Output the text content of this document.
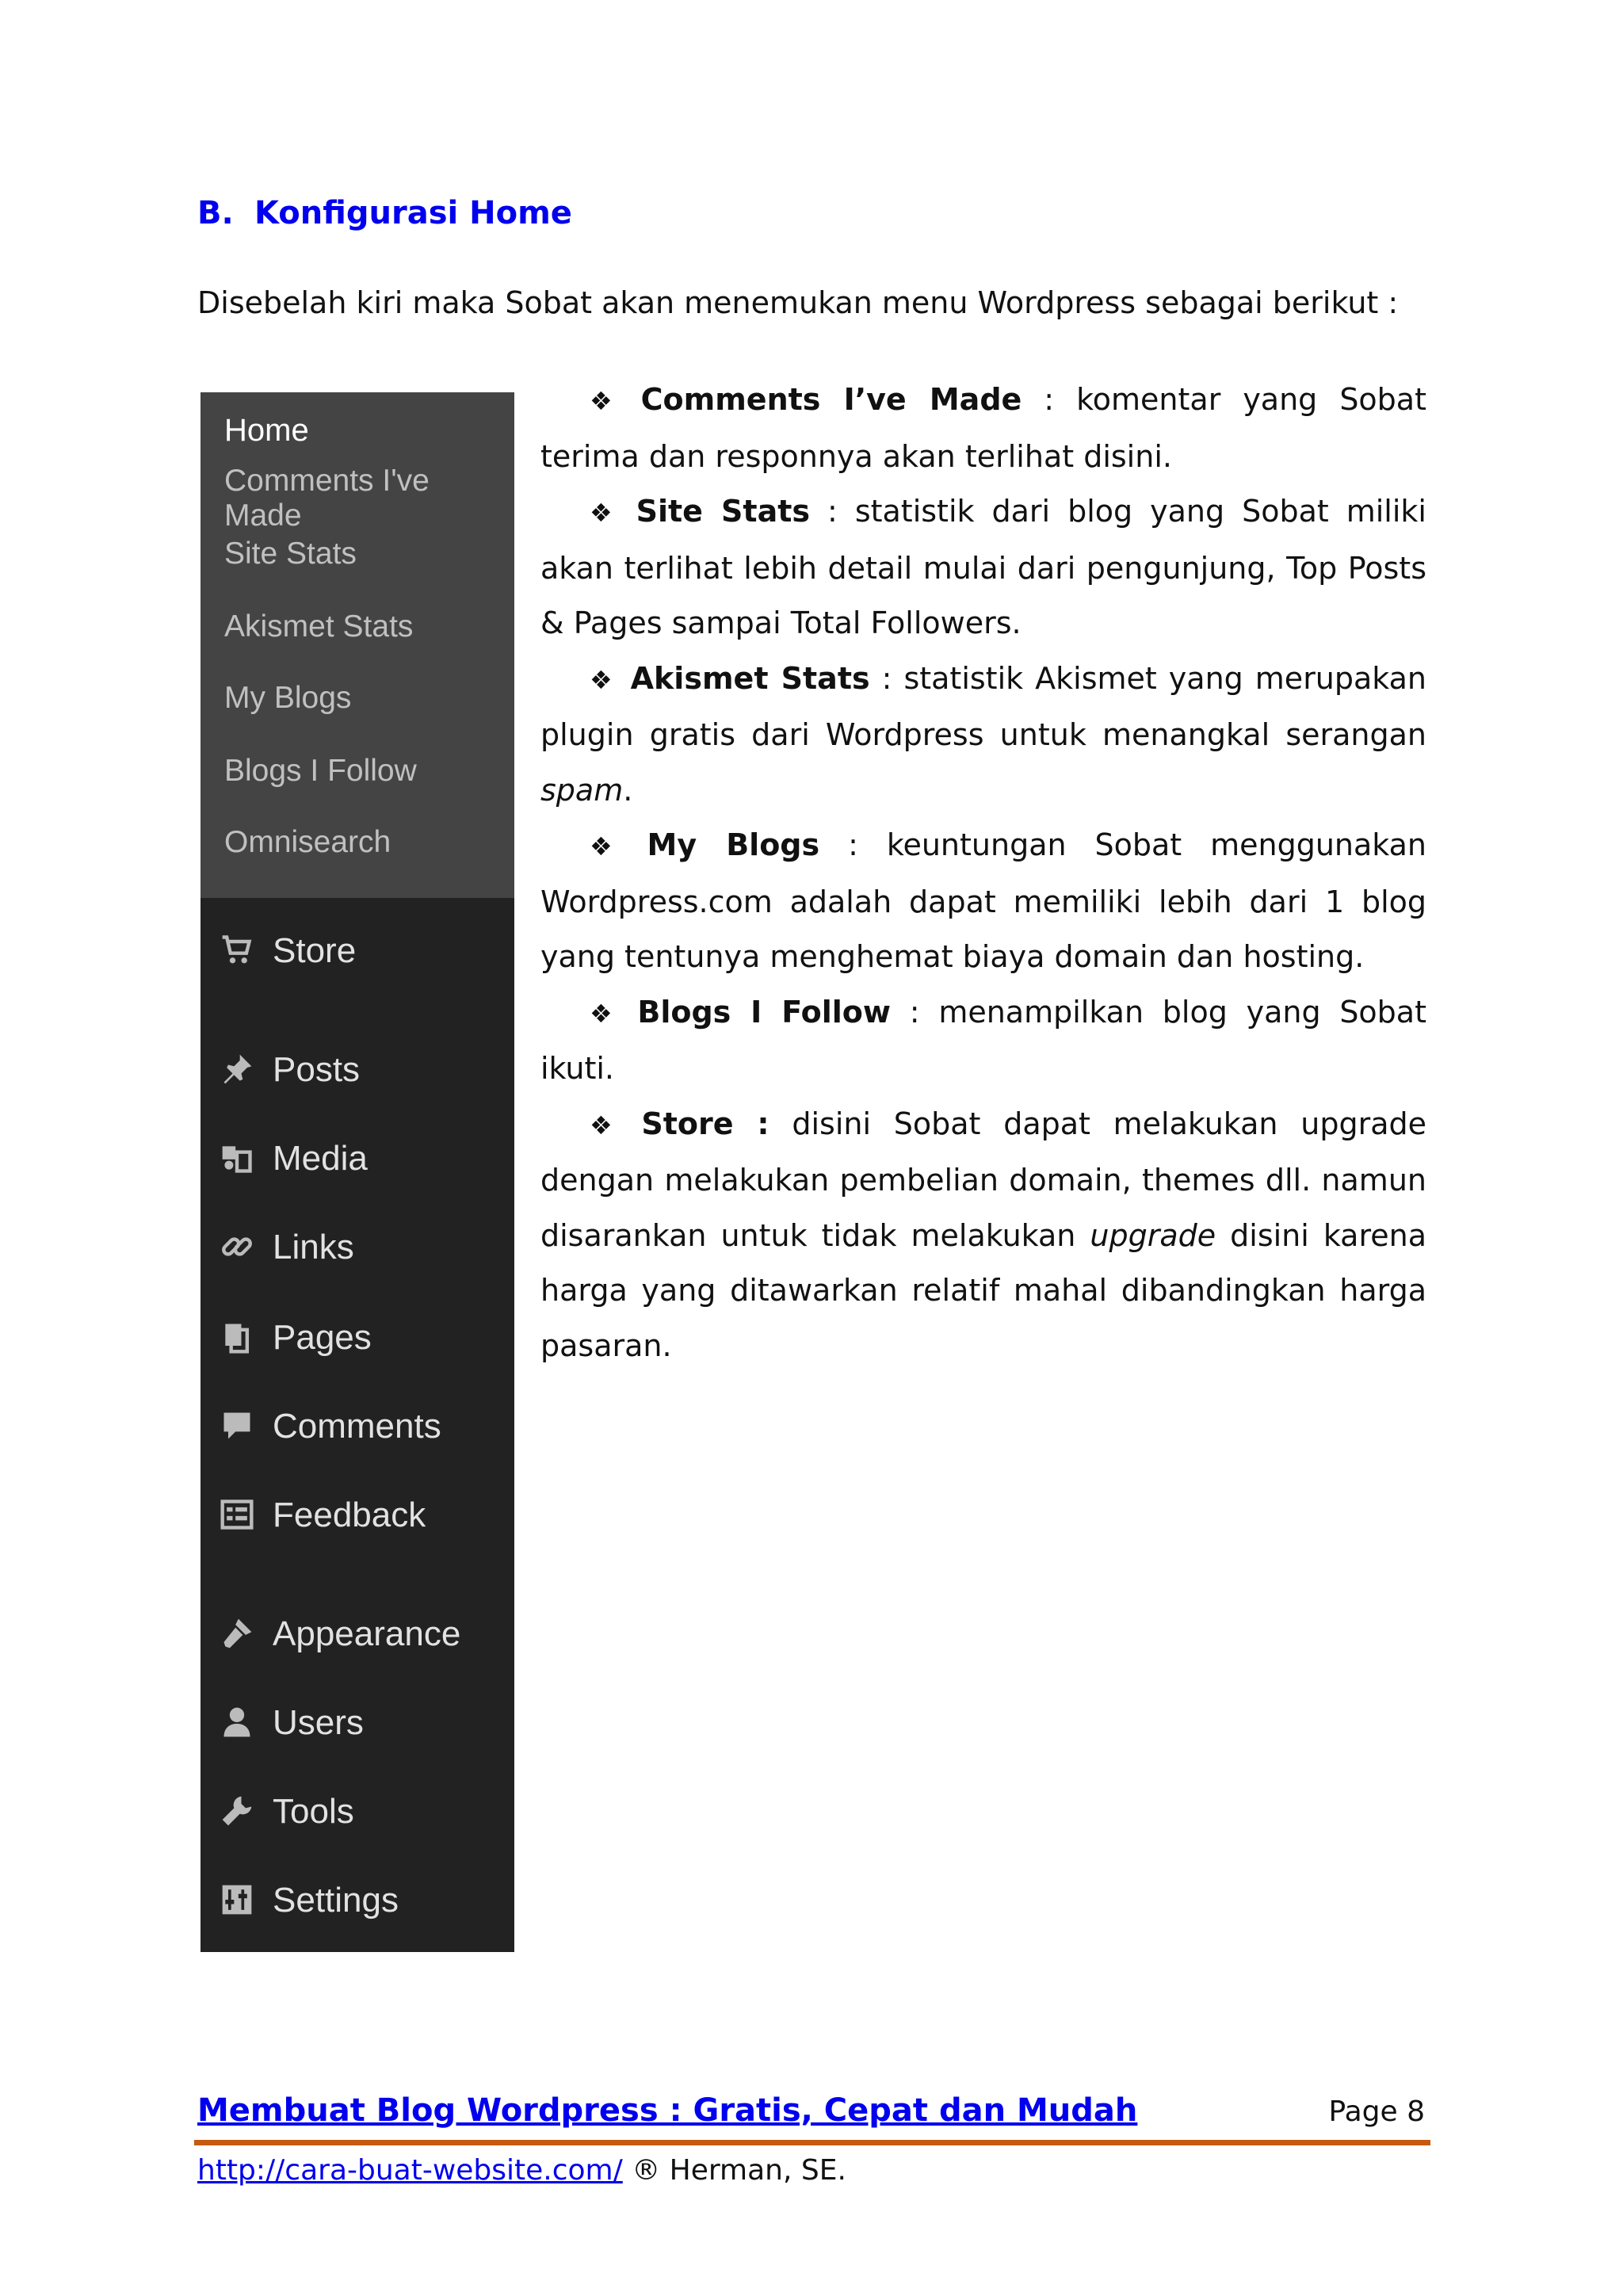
B. Konfigurasi Home

Disebelah kiri maka Sobat akan menemukan menu Wordpress sebagai berikut :

Home
Comments I've Made
Site Stats
Akismet Stats
My Blogs
Blogs I Follow
Omnisearch
Store
Posts
Media
Links
Pages
Comments
Feedback
Appearance
Users
Tools
Settings

❖ Comments I’ve Made : komentar yang Sobat terima dan responnya akan terlihat disini.

❖ Site Stats : statistik dari blog yang Sobat miliki akan terlihat lebih detail mulai dari pengunjung, Top Posts & Pages sampai Total Followers.

❖ Akismet Stats : statistik Akismet yang merupakan plugin gratis dari Wordpress untuk menangkal serangan spam.

❖ My Blogs : keuntungan Sobat menggunakan Wordpress.com adalah dapat memiliki lebih dari 1 blog yang tentunya menghemat biaya domain dan hosting.

❖ Blogs I Follow : menampilkan blog yang Sobat ikuti.

❖ Store : disini Sobat dapat melakukan upgrade dengan melakukan pembelian domain, themes dll. namun disarankan untuk tidak melakukan upgrade disini karena harga yang ditawarkan relatif mahal dibandingkan harga pasaran.

Membuat Blog Wordpress : Gratis, Cepat dan Mudah	Page 8
http://cara-buat-website.com/ ® Herman, SE.
